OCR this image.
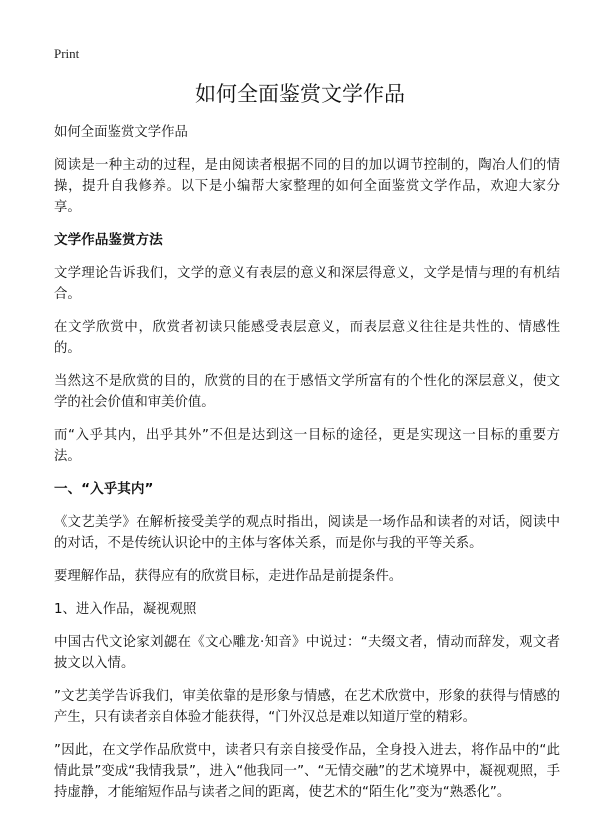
Print
如何全面鉴赏文学作品

如何全面鉴赏文学作品

阅读是一种主动的过程，是由阅读者根据不同的目的加以调节控制的，陶冶人们的情操，提升自我修养。以下是小编帮大家整理的如何全面鉴赏文学作品，欢迎大家分享。

文学作品鉴赏方法

文学理论告诉我们，文学的意义有表层的意义和深层得意义，文学是情与理的有机结合。

在文学欣赏中，欣赏者初读只能感受表层意义，而表层意义往往是共性的、情感性的。

当然这不是欣赏的目的，欣赏的目的在于感悟文学所富有的个性化的深层意义，使文学的社会价值和审美价值。

而“入乎其内，出乎其外”不但是达到这一目标的途径，更是实现这一目标的重要方法。

一、“入乎其内”

《文艺美学》在解析接受美学的观点时指出，阅读是一场作品和读者的对话，阅读中的对话，不是传统认识论中的主体与客体关系，而是你与我的平等关系。

要理解作品，获得应有的欣赏目标，走进作品是前提条件。

1、进入作品，凝视观照

中国古代文论家刘勰在《文心雕龙·知音》中说过：“夫缀文者，情动而辞发，观文者披文以入情。

”文艺美学告诉我们，审美依靠的是形象与情感，在艺术欣赏中，形象的获得与情感的产生，只有读者亲自体验才能获得，“门外汉总是难以知道厅堂的精彩。

”因此，在文学作品欣赏中，读者只有亲自接受作品，全身投入进去，将作品中的“此情此景”变成“我情我景”，进入“他我同一”、“无情交融”的艺术境界中，凝视观照，手持虚静，才能缩短作品与读者之间的距离，使艺术的“陌生化”变为“熟悉化”。
